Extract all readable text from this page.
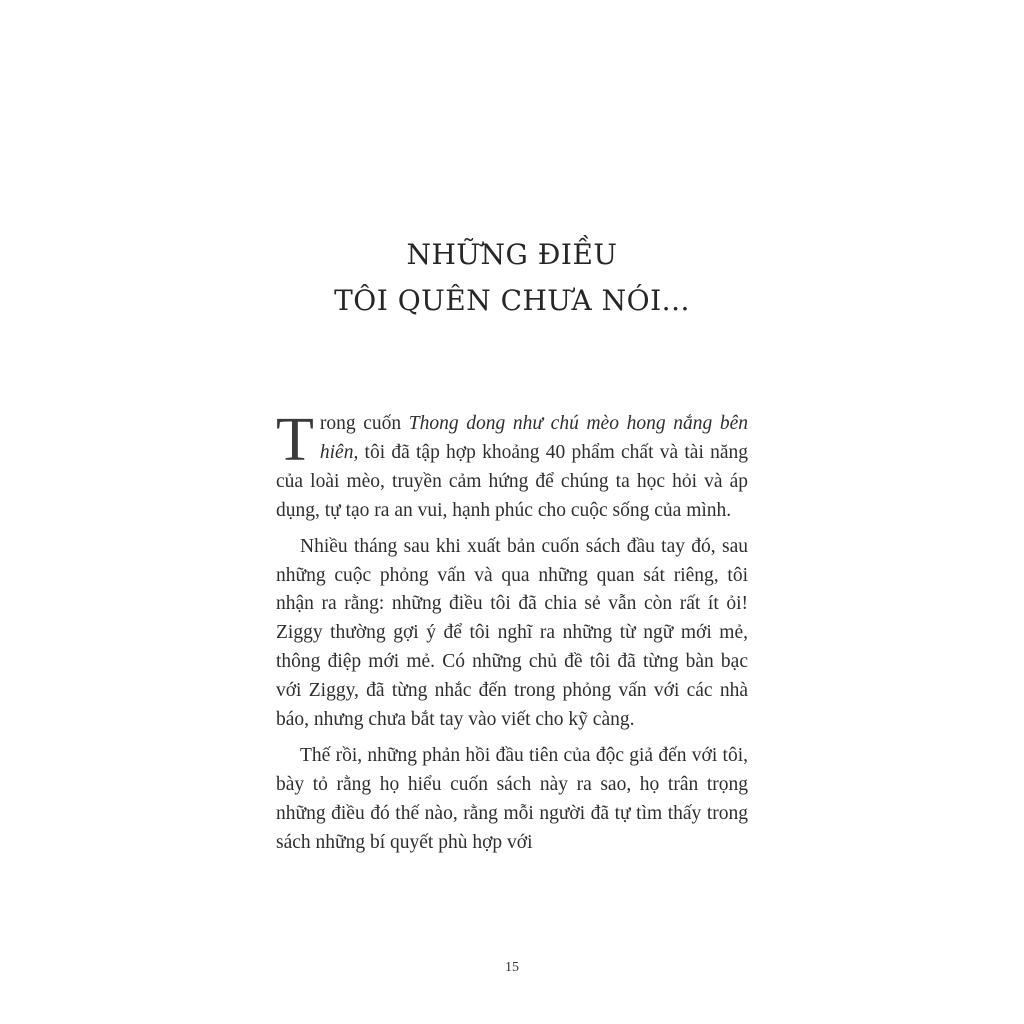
NHỮNG ĐIỀU
TÔI QUÊN CHƯA NÓI...

Trong cuốn Thong dong như chú mèo hong nắng bên hiên, tôi đã tập hợp khoảng 40 phẩm chất và tài năng của loài mèo, truyền cảm hứng để chúng ta học hỏi và áp dụng, tự tạo ra an vui, hạnh phúc cho cuộc sống của mình.

Nhiều tháng sau khi xuất bản cuốn sách đầu tay đó, sau những cuộc phỏng vấn và qua những quan sát riêng, tôi nhận ra rằng: những điều tôi đã chia sẻ vẫn còn rất ít ỏi! Ziggy thường gợi ý để tôi nghĩ ra những từ ngữ mới mẻ, thông điệp mới mẻ. Có những chủ đề tôi đã từng bàn bạc với Ziggy, đã từng nhắc đến trong phỏng vấn với các nhà báo, nhưng chưa bắt tay vào viết cho kỹ càng.

Thế rồi, những phản hồi đầu tiên của độc giả đến với tôi, bày tỏ rằng họ hiểu cuốn sách này ra sao, họ trân trọng những điều đó thế nào, rằng mỗi người đã tự tìm thấy trong sách những bí quyết phù hợp với

15
